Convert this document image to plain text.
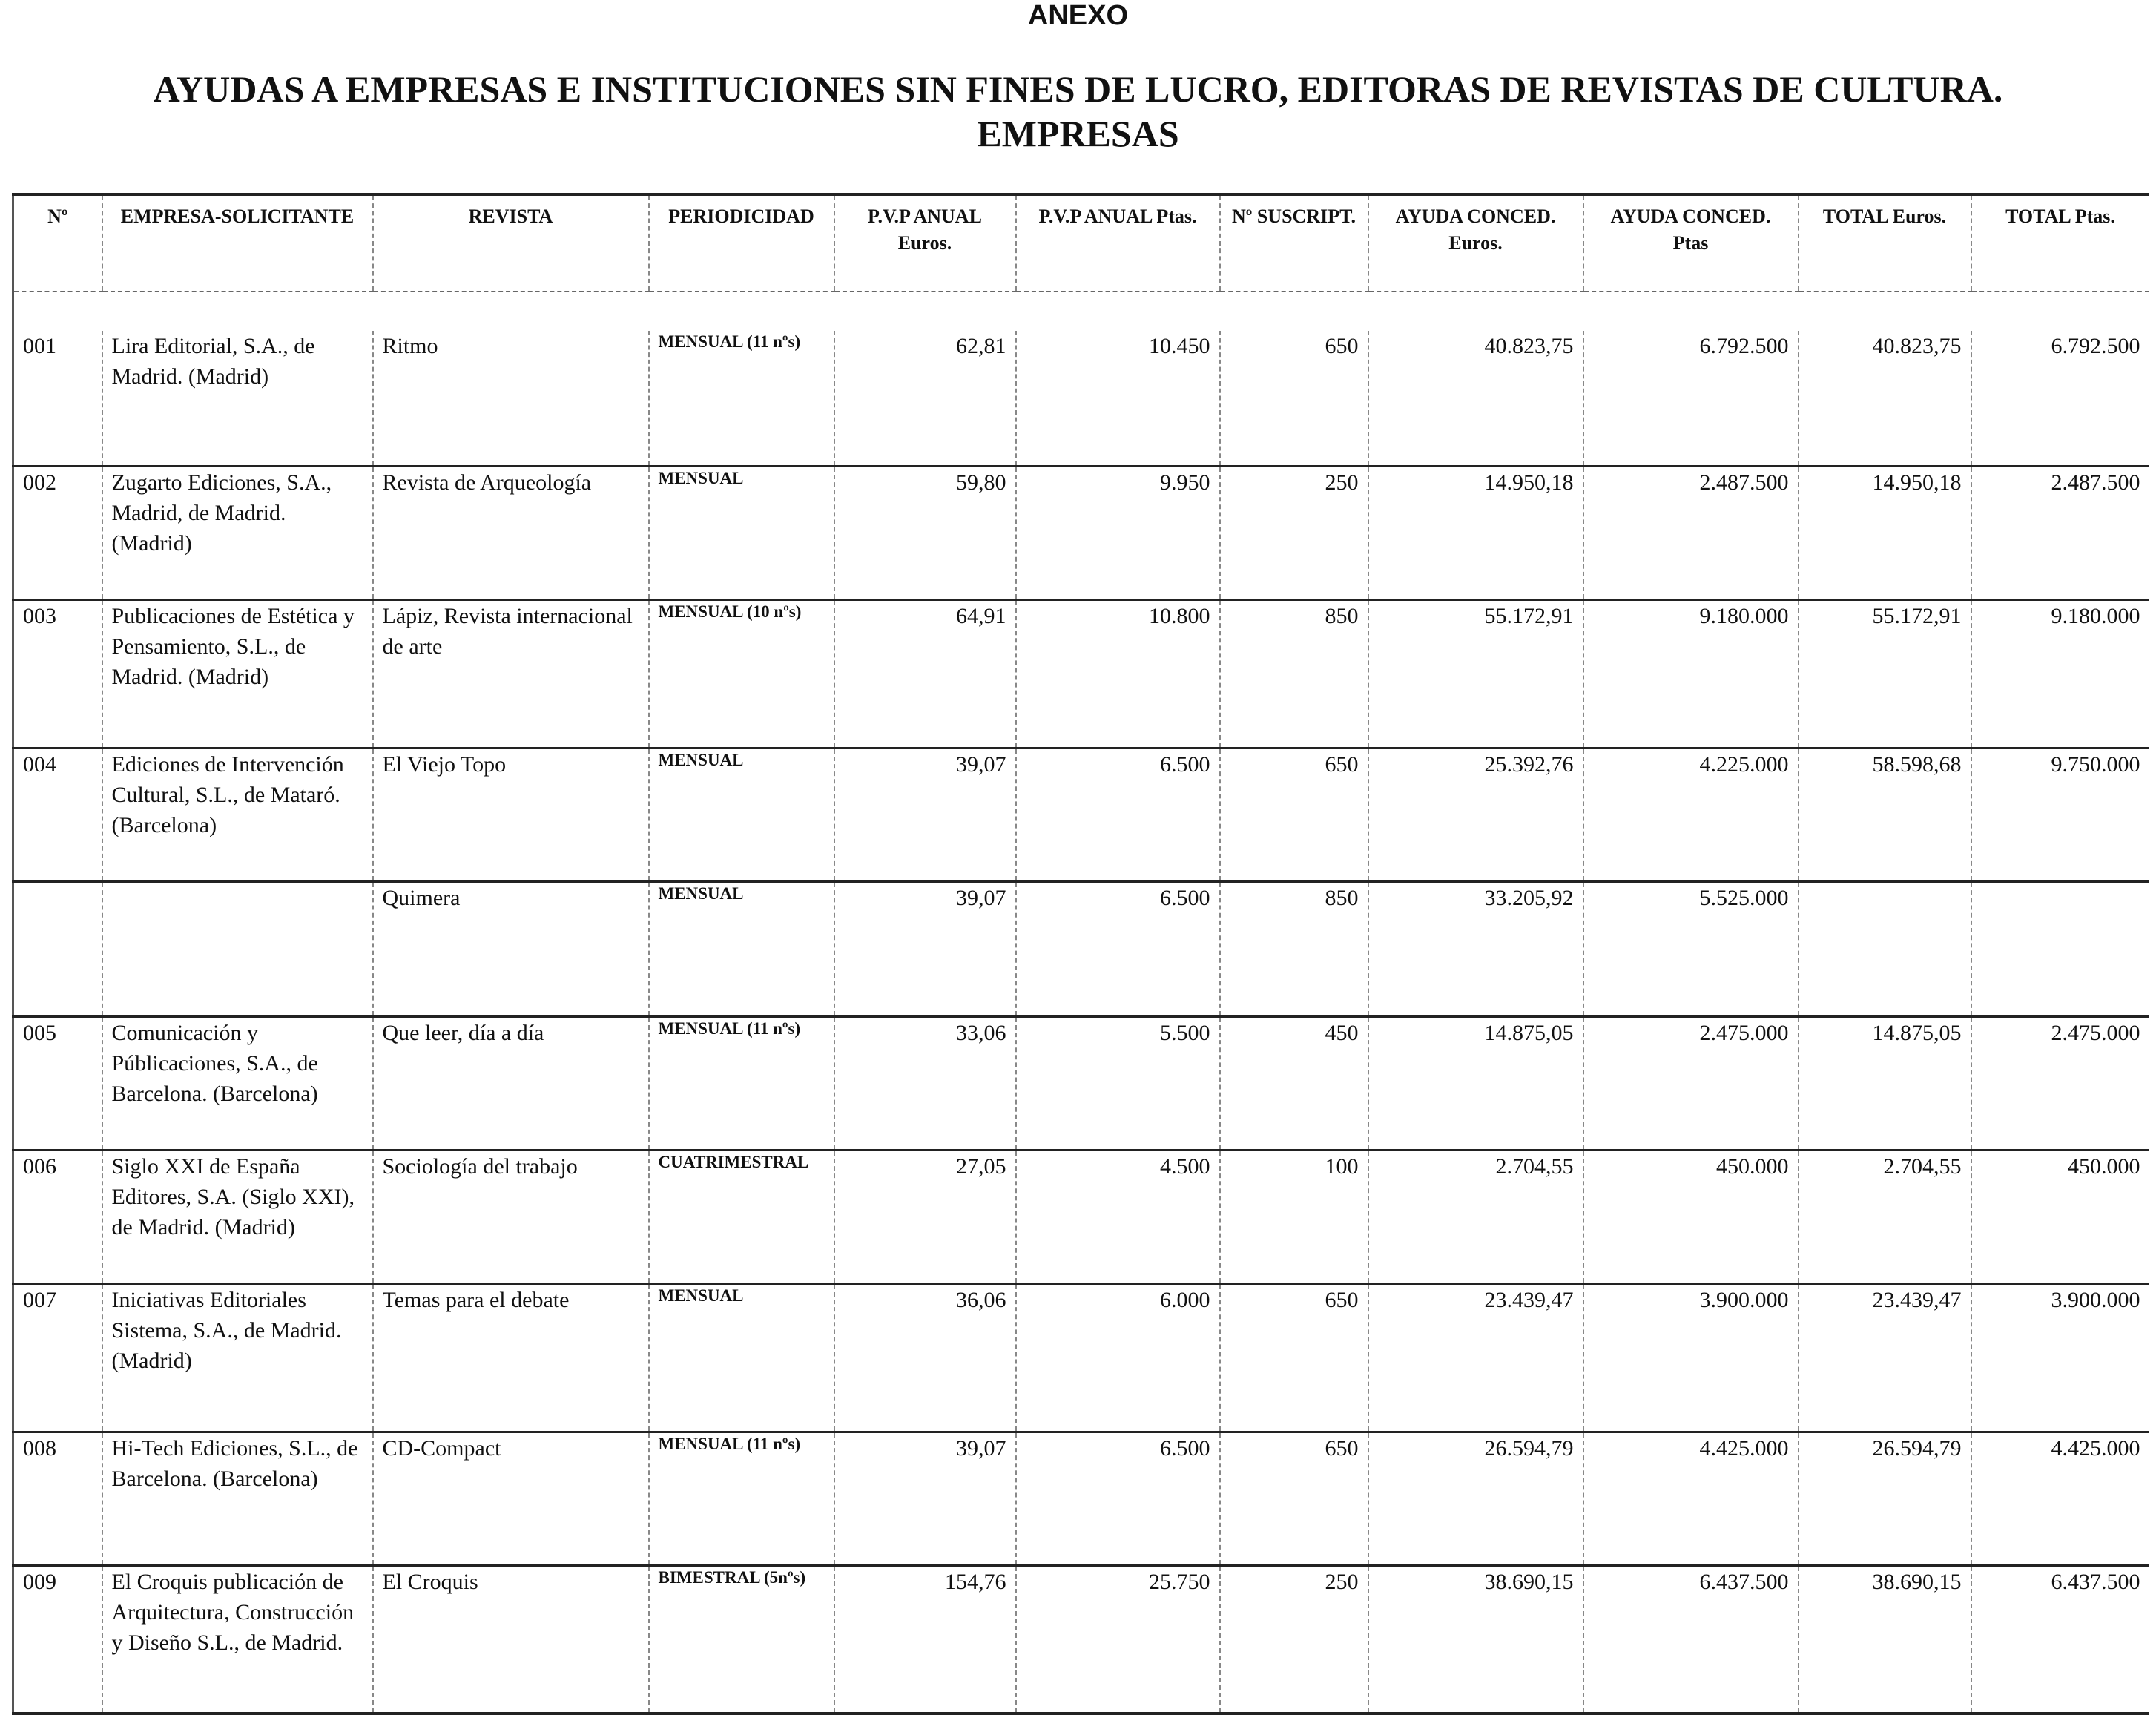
ANEXO
AYUDAS A EMPRESAS E INSTITUCIONES SIN FINES DE LUCRO, EDITORAS DE REVISTAS DE CULTURA.
EMPRESAS
Nº	EMPRESA-SOLICITANTE	REVISTA	PERIODICIDAD	P.V.P ANUAL Euros.	P.V.P ANUAL Ptas.	Nº SUSCRIPT.	AYUDA CONCED. Euros.	AYUDA CONCED. Ptas	TOTAL Euros.	TOTAL Ptas.

001	Lira Editorial, S.A., de Madrid. (Madrid)	Ritmo	MENSUAL (11 nºs)	62,81	10.450	650	40.823,75	6.792.500	40.823,75	6.792.500
002	Zugarto Ediciones, S.A., Madrid, de Madrid. (Madrid)	Revista de Arqueología	MENSUAL	59,80	9.950	250	14.950,18	2.487.500	14.950,18	2.487.500
003	Publicaciones de Estética y Pensamiento, S.L., de Madrid. (Madrid)	Lápiz, Revista internacional de arte	MENSUAL (10 nºs)	64,91	10.800	850	55.172,91	9.180.000	55.172,91	9.180.000
004	Ediciones de Intervención Cultural, S.L., de Mataró. (Barcelona)	El Viejo Topo	MENSUAL	39,07	6.500	650	25.392,76	4.225.000	58.598,68	9.750.000
		Quimera	MENSUAL	39,07	6.500	850	33.205,92	5.525.000		
005	Comunicación y Públicaciones, S.A., de Barcelona. (Barcelona)	Que leer, día a día	MENSUAL (11 nºs)	33,06	5.500	450	14.875,05	2.475.000	14.875,05	2.475.000
006	Siglo XXI de España Editores, S.A. (Siglo XXI), de Madrid. (Madrid)	Sociología del trabajo	CUATRIMESTRAL	27,05	4.500	100	2.704,55	450.000	2.704,55	450.000
007	Iniciativas Editoriales Sistema, S.A., de Madrid. (Madrid)	Temas para el debate	MENSUAL	36,06	6.000	650	23.439,47	3.900.000	23.439,47	3.900.000
008	Hi-Tech Ediciones, S.L., de Barcelona. (Barcelona)	CD-Compact	MENSUAL (11 nºs)	39,07	6.500	650	26.594,79	4.425.000	26.594,79	4.425.000
009	El Croquis publicación de Arquitectura, Construcción y Diseño S.L., de Madrid.	El Croquis	BIMESTRAL (5nºs)	154,76	25.750	250	38.690,15	6.437.500	38.690,15	6.437.500
